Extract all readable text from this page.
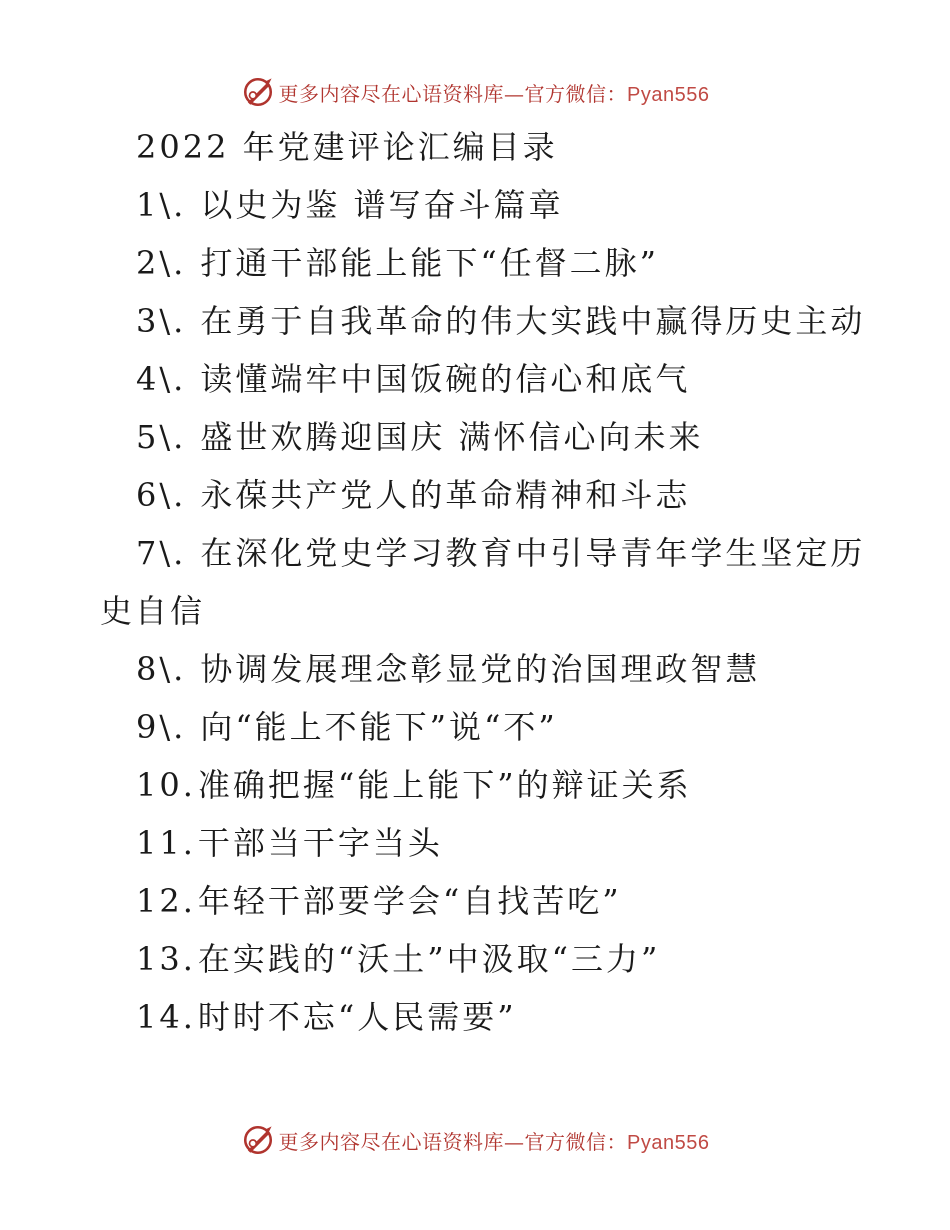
更多内容尽在心语资料库—官方微信：Pyan556
2022 年党建评论汇编目录
1\. 以史为鉴 谱写奋斗篇章
2\. 打通干部能上能下“任督二脉”
3\. 在勇于自我革命的伟大实践中赢得历史主动
4\. 读懂端牢中国饭碗的信心和底气
5\. 盛世欢腾迎国庆 满怀信心向未来
6\. 永葆共产党人的革命精神和斗志
7\. 在深化党史学习教育中引导青年学生坚定历
史自信
8\. 协调发展理念彰显党的治国理政智慧
9\. 向“能上不能下”说“不”
10.准确把握“能上能下”的辩证关系
11.干部当干字当头
12.年轻干部要学会“自找苦吃”
13.在实践的“沃土”中汲取“三力”
14.时时不忘“人民需要”
更多内容尽在心语资料库—官方微信：Pyan556
